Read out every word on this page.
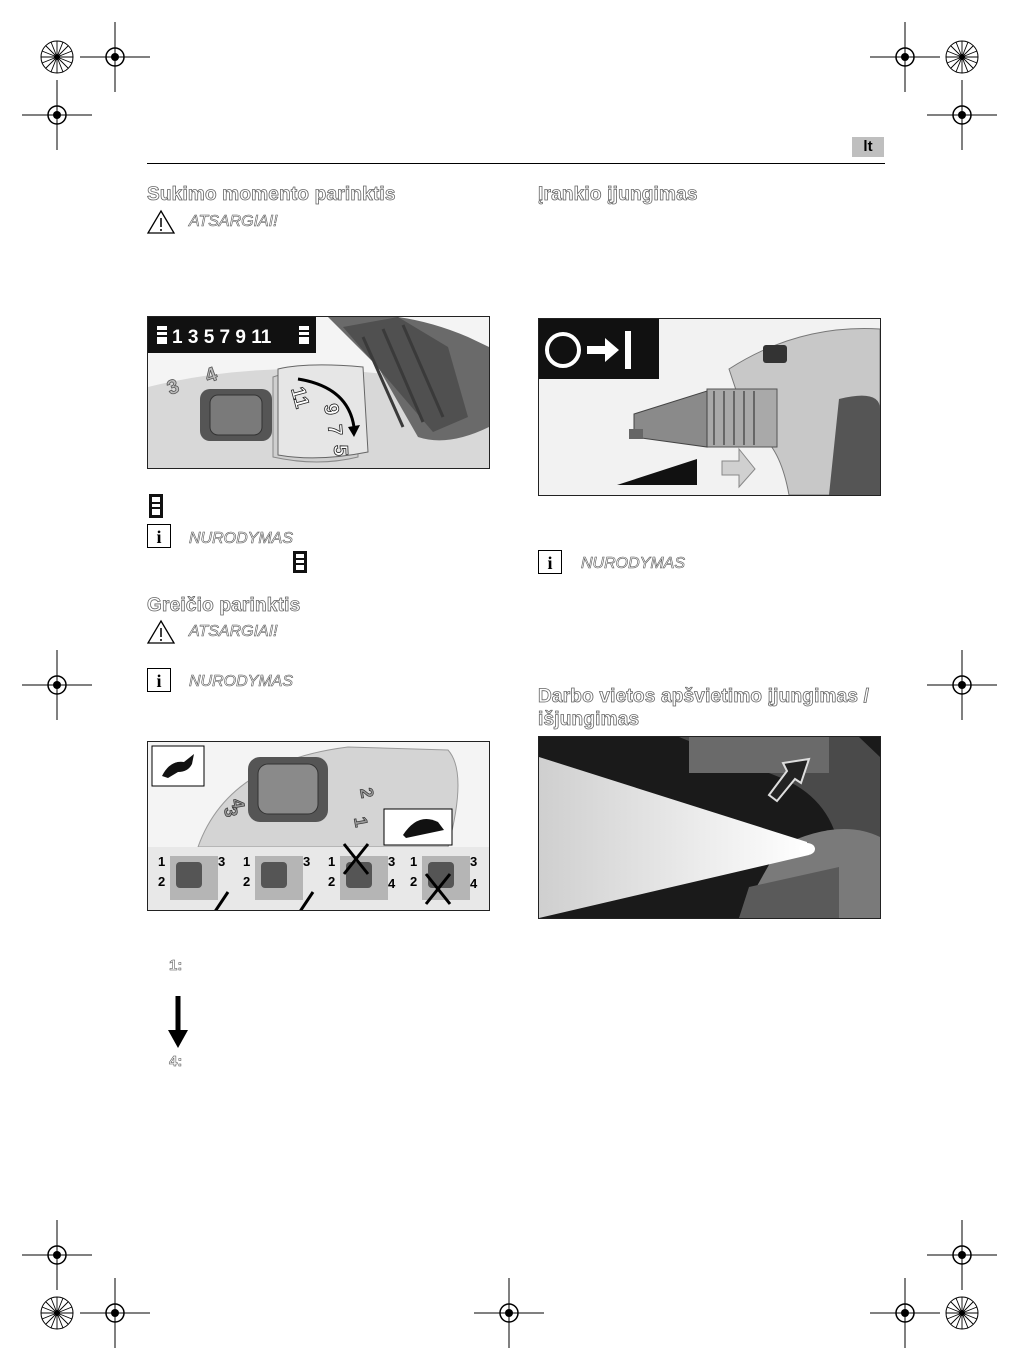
lt
Sukimo momento parinktis
ATSARGIAI!
3 4
11 9
7
5
1 3 5 7 9 11
i NURODYMAS
Greičio parinktis
ATSARGIAI!
i NURODYMAS
4
3
2
1
1
2
3 1
2
3 1
2
3
4
1
2
3
4
1:
4:
Įrankio įjungimas
i NURODYMAS
Darbo vietos apšvietimo įjungimas /
išjungimas
